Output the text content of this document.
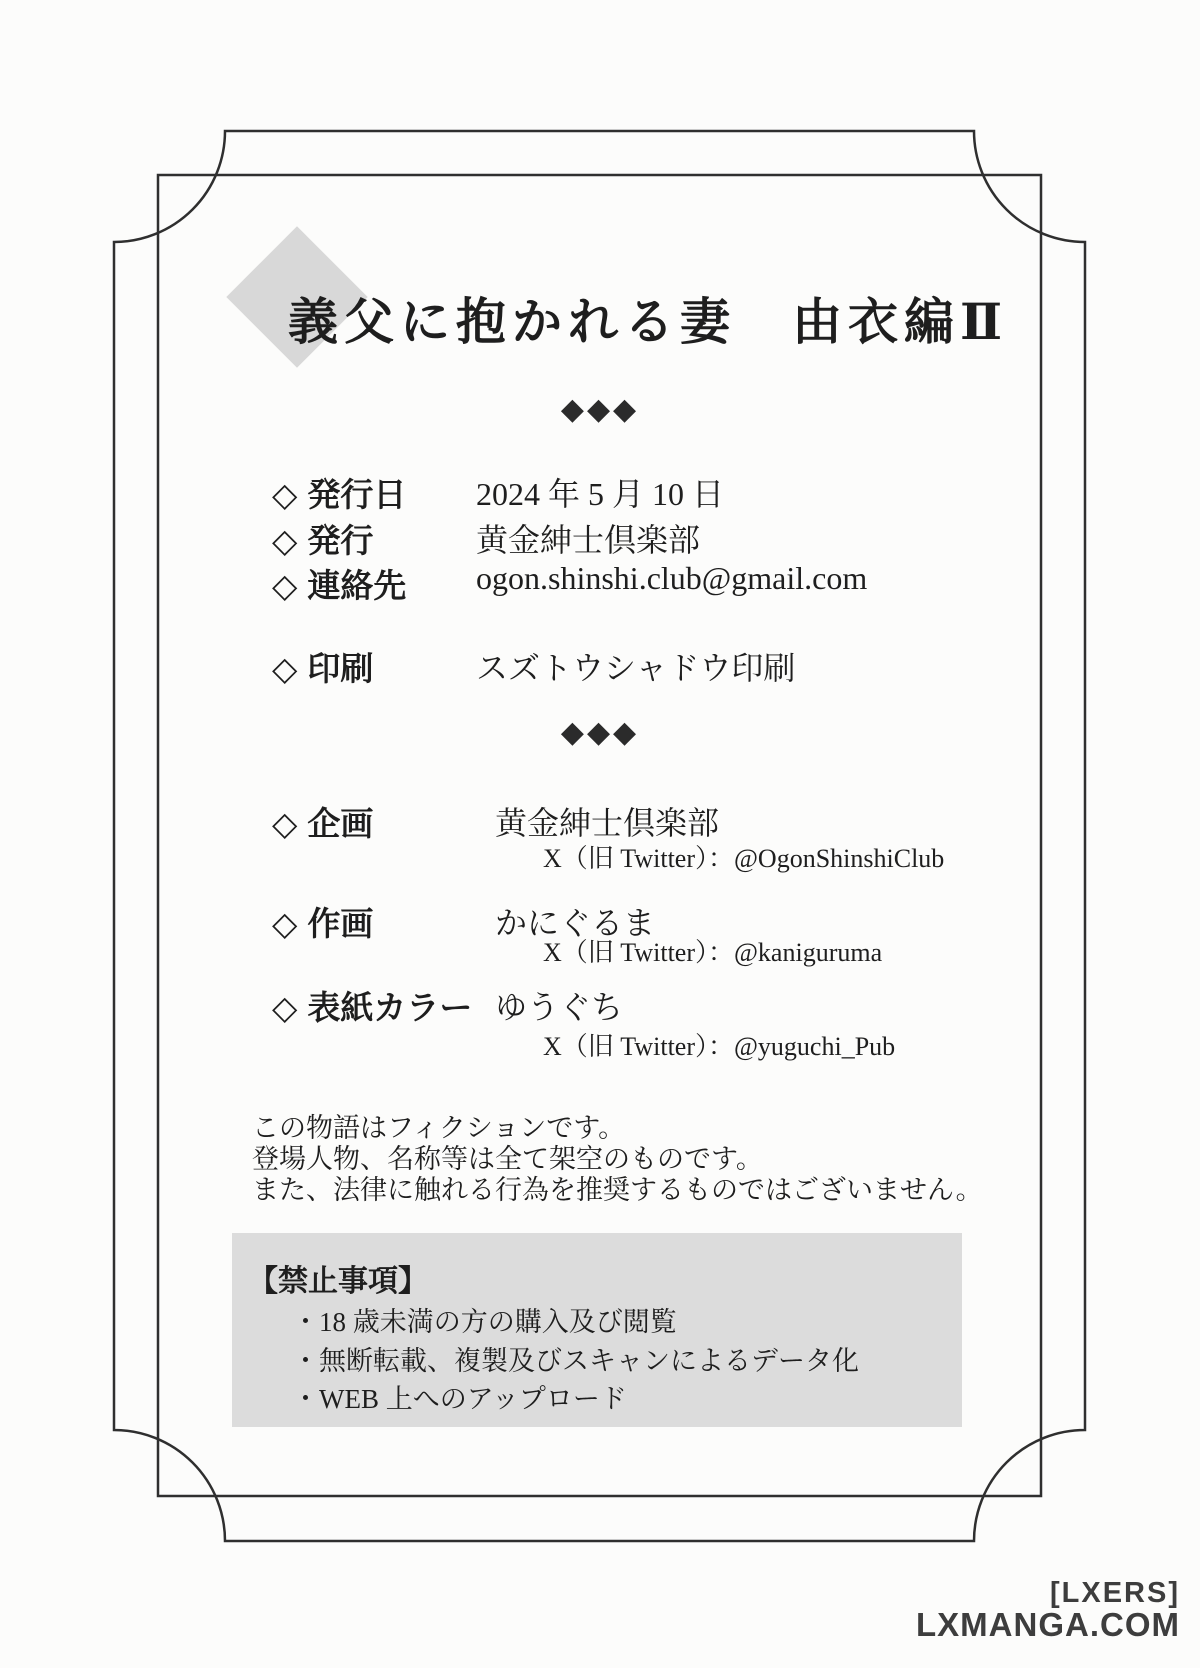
義父に抱かれる妻　由衣編Ⅱ
◆◆◆
◆◆◆
◇ 発行日 2024 年 5 月 10 日
◇ 発行	黄金紳士倶楽部
◇ 連絡先 ogon.shinshi.club@gmail.com
◇ 印刷	スズトウシャドウ印刷
◇ 企画	黄金紳士倶楽部
X（旧 Twitter）：@OgonShinshiClub
◇ 作画	かにぐるま
X（旧 Twitter）：@kaniguruma
◇ 表紙カラー ゆうぐち
X（旧 Twitter）：@yuguchi_Pub
この物語はフィクションです。
登場人物、名称等は全て架空のものです。
また、法律に触れる行為を推奨するものではございません。
【禁止事項】
・18 歳未満の方の購入及び閲覧
・無断転載、複製及びスキャンによるデータ化
・WEB 上へのアップロード
[LXERS]
LXMANGA.COM
